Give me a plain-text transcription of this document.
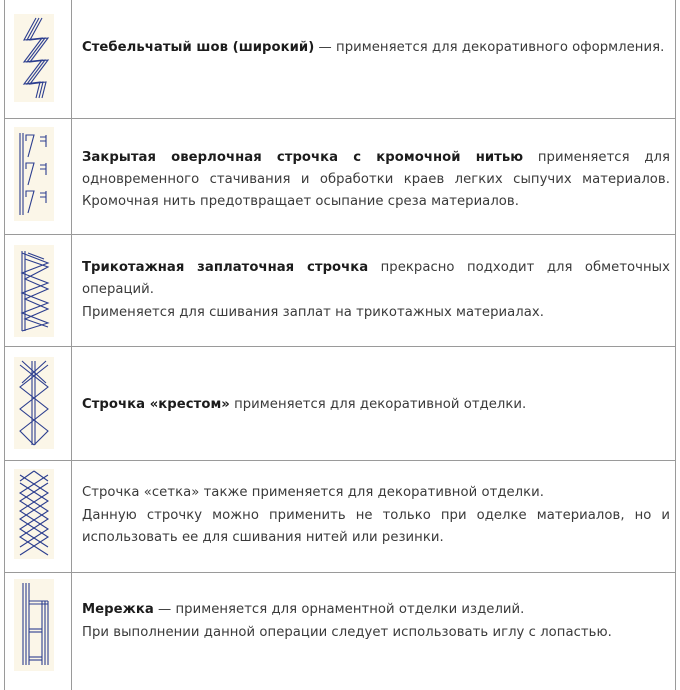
Стебельчатый шов (широкий) — применяется для декоративного оформления.

Закрытая оверлочная строчка с кромочной нитью применяется для одновременного стачивания и обработки краев легких сыпучих материалов. Кромочная нить предотвращает осыпание среза материалов.

Трикотажная заплаточная строчка прекрасно подходит для обметочных операций.

Применяется для сшивания заплат на трикотажных материалах.

Строчка «крестом» применяется для декоративной отделки.

Строчка «сетка» также применяется для декоративной отделки.

Данную строчку можно применить не только при оделке материалов, но и использовать ее для сшивания нитей или резинки.

Мережка — применяется для орнаментной отделки изделий.

При выполнении данной операции следует использовать иглу с лопастью.
